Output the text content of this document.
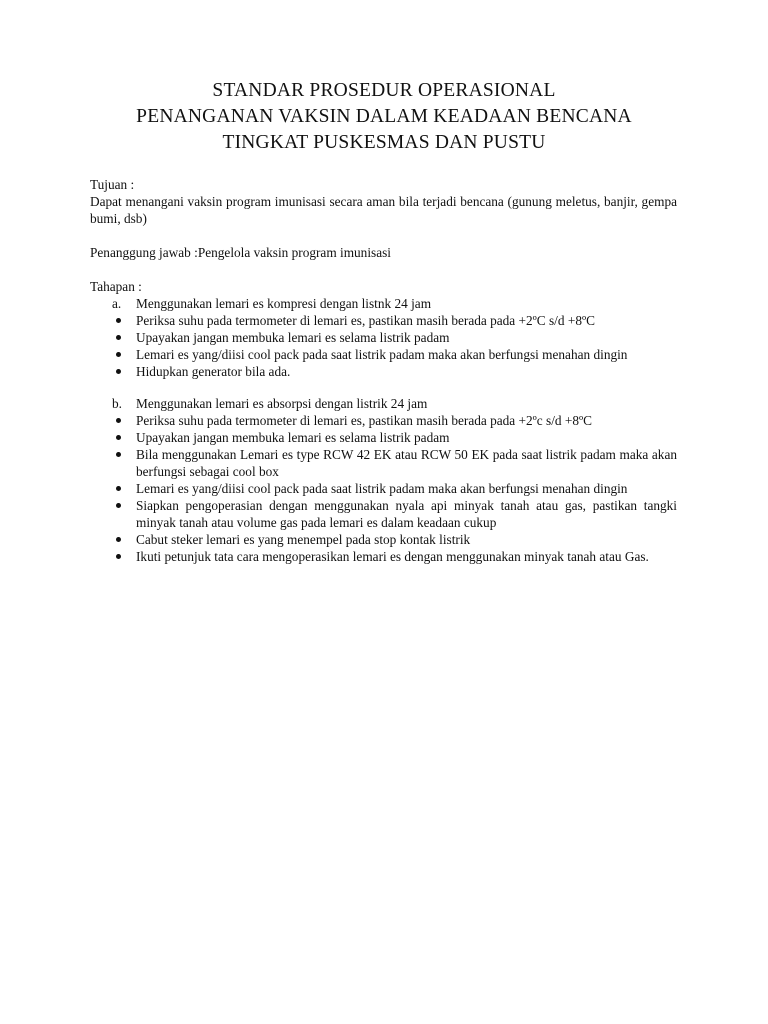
STANDAR PROSEDUR OPERASIONAL
PENANGANAN VAKSIN DALAM KEADAAN BENCANA
TINGKAT PUSKESMAS DAN PUSTU

Tujuan :

Dapat menangani vaksin program imunisasi secara aman bila terjadi bencana (gunung meletus, banjir, gempa bumi, dsb)

Penanggung jawab :Pengelola vaksin program imunisasi

Tahapan :

a.	Menggunakan lemari es kompresi dengan listnk 24 jam
Periksa suhu pada termometer di lemari es, pastikan masih berada pada +2ºC s/d +8ºC
Upayakan jangan membuka lemari es selama listrik padam
Lemari es yang/diisi cool pack pada saat listrik padam maka akan berfungsi menahan dingin
Hidupkan generator bila ada.
b.	Menggunakan lemari es absorpsi dengan listrik 24 jam
Periksa suhu pada termometer di lemari es, pastikan masih berada pada +2ºc s/d +8ºC
Upayakan jangan membuka lemari es selama listrik padam
Bila menggunakan Lemari es type RCW 42 EK atau RCW 50 EK pada saat listrik padam maka akan berfungsi sebagai cool box
Lemari es yang/diisi cool pack pada saat listrik padam maka akan berfungsi menahan dingin
Siapkan pengoperasian dengan menggunakan nyala api minyak tanah atau gas, pastikan tangki minyak tanah atau volume gas pada lemari es dalam keadaan cukup
Cabut steker lemari es yang menempel pada stop kontak listrik
Ikuti petunjuk tata cara mengoperasikan lemari es dengan menggunakan minyak tanah atau Gas.
